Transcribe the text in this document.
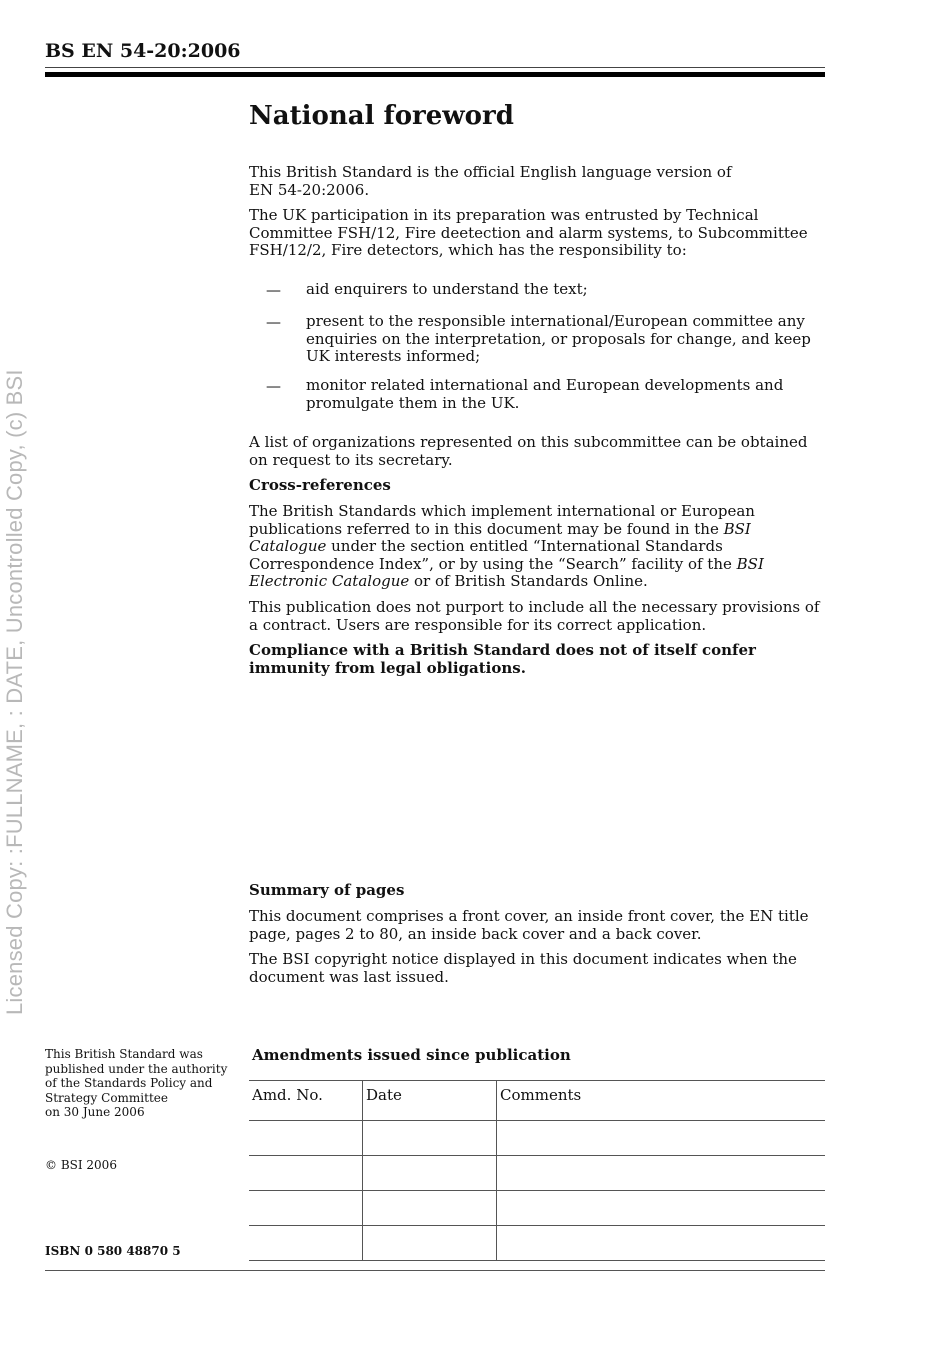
BS EN 54-20:2006
Licensed Copy: :FULLNAME, : DATE, Uncontrolled Copy, (c) BSI
National foreword

This British Standard is the official English language version of
EN 54-20:2006.

The UK participation in its preparation was entrusted by Technical Committee FSH/12, Fire deetection and alarm systems, to Subcommittee FSH/12/2, Fire detectors, which has the responsibility to:

— aid enquirers to understand the text;

— present to the responsible international/European committee any enquiries on the interpretation, or proposals for change, and keep UK interests informed;

— monitor related international and European developments and promulgate them in the UK.

A list of organizations represented on this subcommittee can be obtained on request to its secretary.

Cross-references

The British Standards which implement international or European publications referred to in this document may be found in the BSI Catalogue under the section entitled “International Standards Correspondence Index”, or by using the “Search” facility of the BSI Electronic Catalogue or of British Standards Online.

This publication does not purport to include all the necessary provisions of a contract. Users are responsible for its correct application.

Compliance with a British Standard does not of itself confer immunity from legal obligations.

Summary of pages

This document comprises a front cover, an inside front cover, the EN title page, pages 2 to 80, an inside back cover and a back cover.

The BSI copyright notice displayed in this document indicates when the document was last issued.

This British Standard was
published under the authority
of the Standards Policy and
Strategy Committee
on 30 June 2006
© BSI 2006
ISBN 0 580 48870 5
Amendments issued since publication
Amd. No.	Date	Comments
